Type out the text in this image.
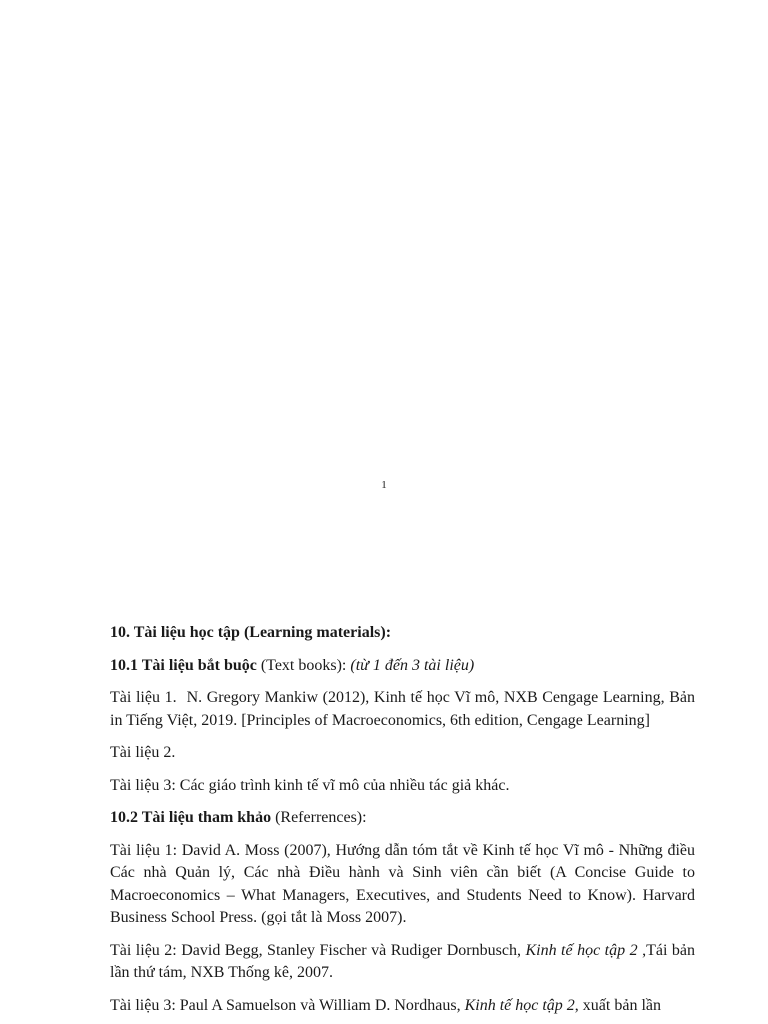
1

10. Tài liệu học tập (Learning materials):

10.1 Tài liệu bắt buộc (Text books): (từ 1 đến 3 tài liệu)

Tài liệu 1. N. Gregory Mankiw (2012), Kinh tế học Vĩ mô, NXB Cengage Learning, Bản in Tiếng Việt, 2019. [Principles of Macroeconomics, 6th edition, Cengage Learning]

Tài liệu 2.

Tài liệu 3: Các giáo trình kinh tế vĩ mô của nhiều tác giả khác.

10.2 Tài liệu tham khảo (Referrences):

Tài liệu 1: David A. Moss (2007), Hướng dẫn tóm tắt về Kinh tế học Vĩ mô - Những điều Các nhà Quản lý, Các nhà Điều hành và Sinh viên cần biết (A Concise Guide to Macroeconomics – What Managers, Executives, and Students Need to Know). Harvard Business School Press. (gọi tắt là Moss 2007).

Tài liệu 2: David Begg, Stanley Fischer và Rudiger Dornbusch, Kinh tế học tập 2 ,Tái bản lần thứ tám, NXB Thống kê, 2007.

Tài liệu 3: Paul A Samuelson và William D. Nordhaus, Kinh tế học tập 2, xuất bản lần
